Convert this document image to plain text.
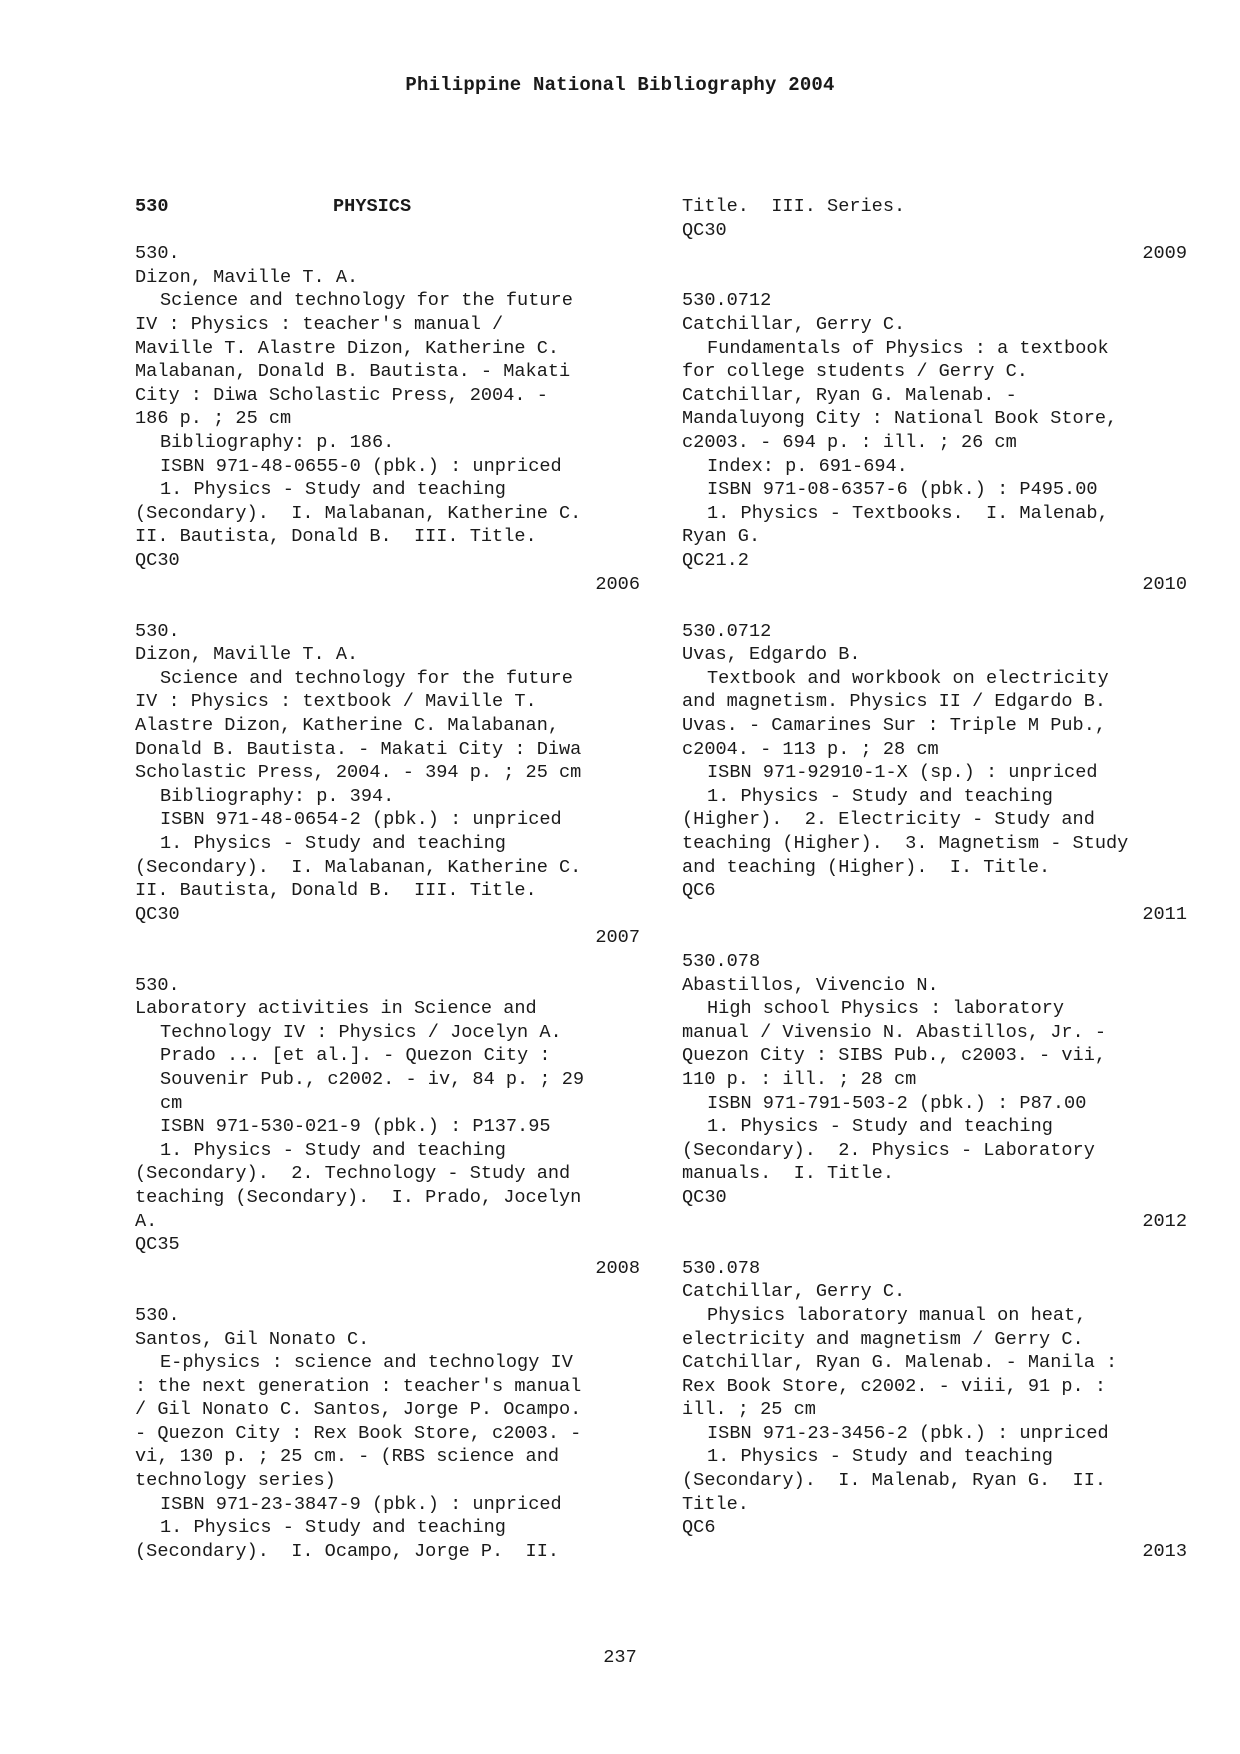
Philippine National Bibliography 2004
530	PHYSICS
530.
Dizon, Maville T. A.
Science and technology for the future
IV : Physics : teacher's manual /
Maville T. Alastre Dizon, Katherine C.
Malabanan, Donald B. Bautista. - Makati
City : Diwa Scholastic Press, 2004. -
186 p. ; 25 cm
Bibliography: p. 186.
ISBN 971-48-0655-0 (pbk.) : unpriced
1. Physics - Study and teaching
(Secondary).  I. Malabanan, Katherine C.
II. Bautista, Donald B.  III. Title.
QC30
2006
530.
Dizon, Maville T. A.
Science and technology for the future
IV : Physics : textbook / Maville T.
Alastre Dizon, Katherine C. Malabanan,
Donald B. Bautista. - Makati City : Diwa
Scholastic Press, 2004. - 394 p. ; 25 cm
Bibliography: p. 394.
ISBN 971-48-0654-2 (pbk.) : unpriced
1. Physics - Study and teaching
(Secondary).  I. Malabanan, Katherine C.
II. Bautista, Donald B.  III. Title.
QC30
2007
530.
Laboratory activities in Science and
Technology IV : Physics / Jocelyn A.
Prado ... [et al.]. - Quezon City :
Souvenir Pub., c2002. - iv, 84 p. ; 29
cm
ISBN 971-530-021-9 (pbk.) : P137.95
1. Physics - Study and teaching
(Secondary).  2. Technology - Study and
teaching (Secondary).  I. Prado, Jocelyn
A.
QC35
2008
530.
Santos, Gil Nonato C.
E-physics : science and technology IV
: the next generation : teacher's manual
/ Gil Nonato C. Santos, Jorge P. Ocampo.
- Quezon City : Rex Book Store, c2003. -
vi, 130 p. ; 25 cm. - (RBS science and
technology series)
ISBN 971-23-3847-9 (pbk.) : unpriced
1. Physics - Study and teaching
(Secondary).  I. Ocampo, Jorge P.  II.
Title.  III. Series.
QC30
2009
530.0712
Catchillar, Gerry C.
Fundamentals of Physics : a textbook
for college students / Gerry C.
Catchillar, Ryan G. Malenab. -
Mandaluyong City : National Book Store,
c2003. - 694 p. : ill. ; 26 cm
Index: p. 691-694.
ISBN 971-08-6357-6 (pbk.) : P495.00
1. Physics - Textbooks.  I. Malenab,
Ryan G.
QC21.2
2010
530.0712
Uvas, Edgardo B.
Textbook and workbook on electricity
and magnetism. Physics II / Edgardo B.
Uvas. - Camarines Sur : Triple M Pub.,
c2004. - 113 p. ; 28 cm
ISBN 971-92910-1-X (sp.) : unpriced
1. Physics - Study and teaching
(Higher).  2. Electricity - Study and
teaching (Higher).  3. Magnetism - Study
and teaching (Higher).  I. Title.
QC6
2011
530.078
Abastillos, Vivencio N.
High school Physics : laboratory
manual / Vivensio N. Abastillos, Jr. -
Quezon City : SIBS Pub., c2003. - vii,
110 p. : ill. ; 28 cm
ISBN 971-791-503-2 (pbk.) : P87.00
1. Physics - Study and teaching
(Secondary).  2. Physics - Laboratory
manuals.  I. Title.
QC30
2012
530.078
Catchillar, Gerry C.
Physics laboratory manual on heat,
electricity and magnetism / Gerry C.
Catchillar, Ryan G. Malenab. - Manila :
Rex Book Store, c2002. - viii, 91 p. :
ill. ; 25 cm
ISBN 971-23-3456-2 (pbk.) : unpriced
1. Physics - Study and teaching
(Secondary).  I. Malenab, Ryan G.  II.
Title.
QC6
2013
237
